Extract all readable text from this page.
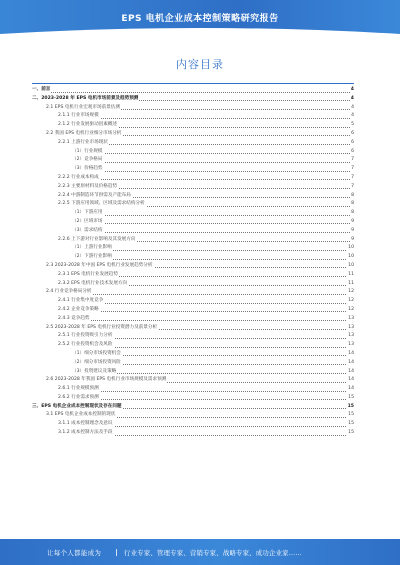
EPS 电机企业成本控制策略研究报告
内容目录
一、前言	4
二、2023-2028 年 EPS 电机市场前景及趋势预测	4
2.1 EPS 电机行业宏观市场前景估测	4
2.1.1 行业市场规模	4
2.1.2 行业发展驱动因素概述	5
2.2 我国 EPS 电机行业细分市场分析	6
2.2.1 上游行业市场现状	6
（1）行业规模	6
（2）竞争格局	7
（3）价格趋势	7
2.2.2 行业成本构成	7
2.2.3 主要原材料及价格趋势	7
2.2.4 中游制造环节供需及产能布局	8
2.2.5 下游应用领域、区域及需求结构分析	8
（1）下游应用	8
（2）区域市场	9
（3）需求结构	9
2.2.6 上下游对行业影响及其发展方向	9
（1）上游行业影响	10
（2）下游行业影响	10
2.3 2023-2028 年中国 EPS 电机行业发展趋势分析	10
2.3.1 EPS 电机行业发展趋势	11
2.3.2 EPS 电机行业技术发展方向	11
2.4 行业竞争格局分析	12
2.4.1 行业集中度竞争	12
2.4.2 企业竞争策略	12
2.4.3 竞争趋势	13
2.5 2023-2028 年 EPS 电机行业投资潜力及前景分析	13
2.5.1 行业投资吸引力分析	13
2.5.2 行业投资机会及风险	13
（1）细分市场投资机会	14
（2）细分市场投资风险	14
（3）投资建议及策略	14
2.6 2023-2028 年我国 EPS 电机行业市场规模及需求预测	14
2.6.1 行业规模预测	14
2.6.2 行业需求预测	15
三、EPS 电机企业成本控制现状及存在问题	15
3.1 EPS 电机企业成本控制的现状	15
3.1.1 成本控制理念及意识	15
3.1.2 成本控制方法及手段	15
让每个人都能成为	行业专家、管理专家、营销专家、战略专家、成功企业家……
